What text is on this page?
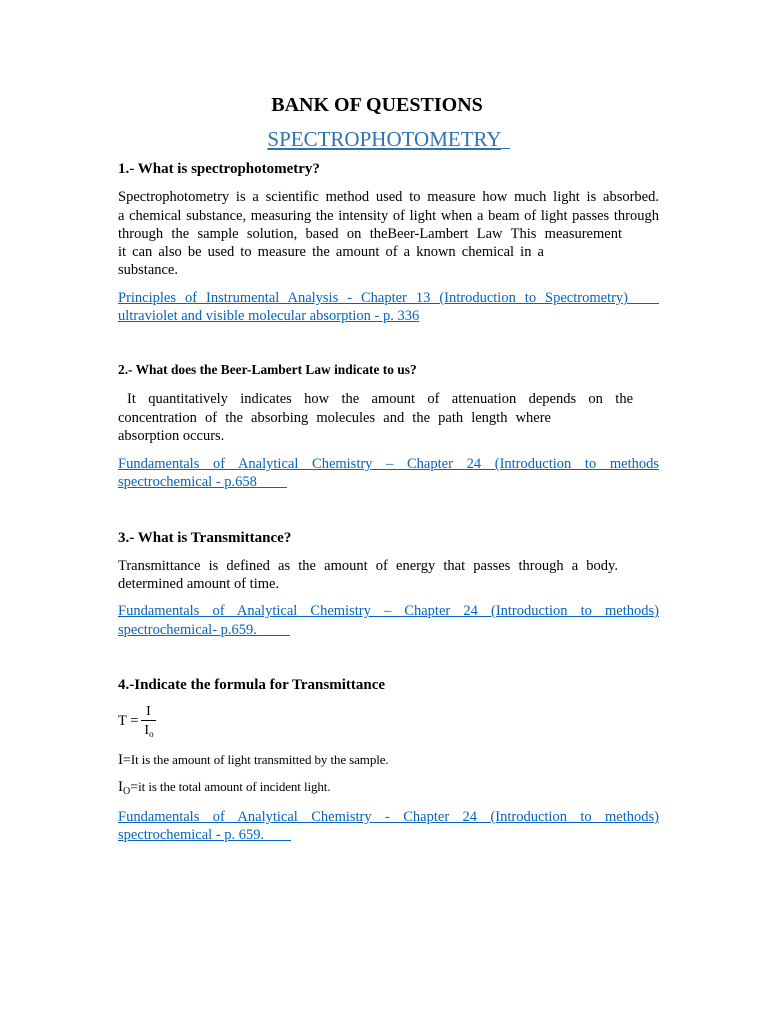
BANK OF QUESTIONS
SPECTROPHOTOMETRY
1.- What is spectrophotometry?
Spectrophotometry is a scientific method used to measure how much light is absorbed.
a chemical substance, measuring the intensity of light when a beam of light passes through
through the sample solution, based on theBeer-Lambert Law This measurement
it can also be used to measure the amount of a known chemical in a
substance.
Principles of Instrumental Analysis - Chapter 13 (Introduction to Spectrometry)
ultraviolet and visible molecular absorption - p. 336
2.- What does the Beer-Lambert Law indicate to us?
It quantitatively indicates how the amount of attenuation depends on the
concentration of the absorbing molecules and the path length where
absorption occurs.
Fundamentals of Analytical Chemistry – Chapter 24 (Introduction to methods
spectrochemical - p.658
3.- What is Transmittance?
Transmittance is defined as the amount of energy that passes through a body.
determined amount of time.
Fundamentals of Analytical Chemistry – Chapter 24 (Introduction to methods)
spectrochemical- p.659.
4.-Indicate the formula for Transmittance
T =
I
$I_o$
I=It is the amount of light transmitted by the sample.
$I_O=it$ is the total amount of incident light.
Fundamentals of Analytical Chemistry - Chapter 24 (Introduction to methods)
spectrochemical - p. 659.
